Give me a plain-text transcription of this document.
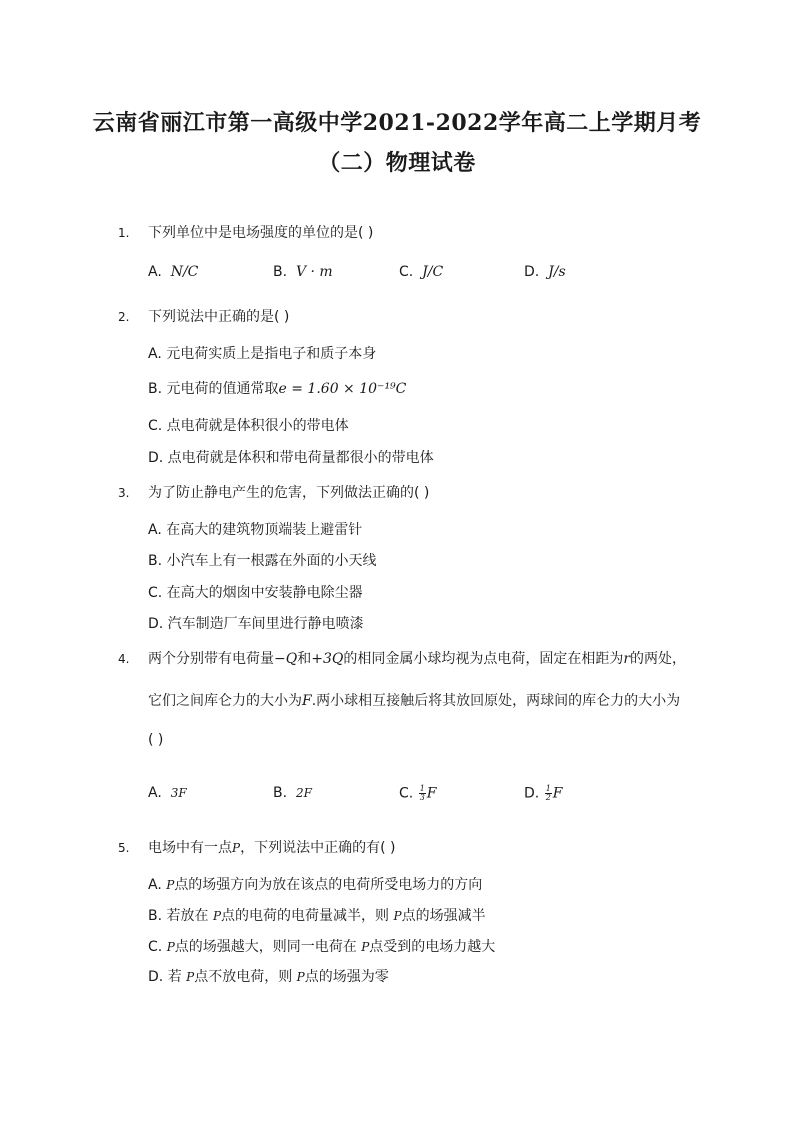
云南省丽江市第一高级中学2021-2022学年高二上学期月考
（二）物理试卷
1. 下列单位中是电场强度的单位的是( )
A. N/C	B. V · m	C. J/C	D. J/s
2. 下列说法中正确的是( )
A. 元电荷实质上是指电子和质子本身
B. 元电荷的值通常取e = 1.60 × 10⁻¹⁹C
C. 点电荷就是体积很小的带电体
D. 点电荷就是体积和带电荷量都很小的带电体
3. 为了防止静电产生的危害，下列做法正确的( )
A. 在高大的建筑物顶端装上避雷针
B. 小汽车上有一根露在外面的小天线
C. 在高大的烟囱中安装静电除尘器
D. 汽车制造厂车间里进行静电喷漆
4. 两个分别带有电荷量−Q和+3Q的相同金属小球均视为点电荷，固定在相距为r的两处，
它们之间库仑力的大小为F.两小球相互接触后将其放回原处，两球间的库仑力的大小为
( )
A. 3F	B. 2F	C. $\frac{1}{3}$ F	D. $\frac{1}{2}$ F
5. 电场中有一点P，下列说法中正确的有( )
A. P点的场强方向为放在该点的电荷所受电场力的方向
B. 若放在 P点的电荷的电荷量减半，则 P点的场强减半
C. P点的场强越大，则同一电荷在 P点受到的电场力越大
D. 若 P点不放电荷，则 P点的场强为零
